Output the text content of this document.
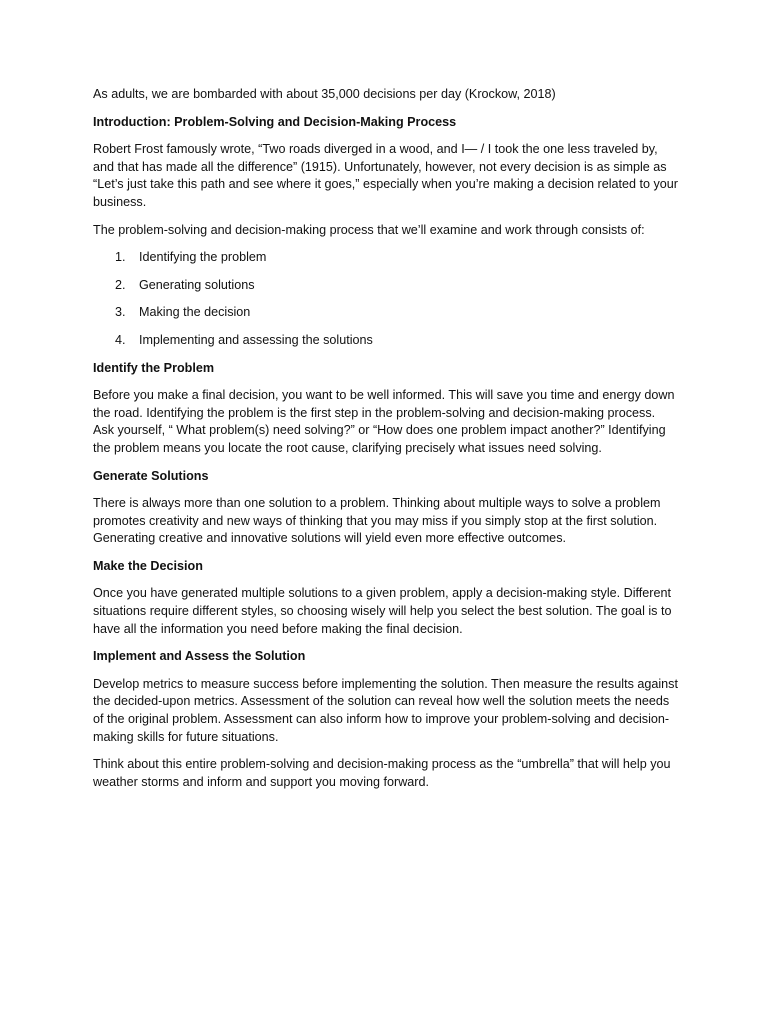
As adults, we are bombarded with about 35,000 decisions per day (Krockow, 2018)

Introduction: Problem-Solving and Decision-Making Process

Robert Frost famously wrote, “Two roads diverged in a wood, and I— / I took the one less traveled by, and that has made all the difference” (1915). Unfortunately, however, not every decision is as simple as “Let’s just take this path and see where it goes,” especially when you’re making a decision related to your business.

The problem-solving and decision-making process that we’ll examine and work through consists of:

1. Identifying the problem
2. Generating solutions
3. Making the decision
4. Implementing and assessing the solutions

Identify the Problem

Before you make a final decision, you want to be well informed. This will save you time and energy down the road. Identifying the problem is the first step in the problem-solving and decision-making process. Ask yourself, “ What problem(s) need solving?” or “How does one problem impact another?” Identifying the problem means you locate the root cause, clarifying precisely what issues need solving.

Generate Solutions

There is always more than one solution to a problem. Thinking about multiple ways to solve a problem promotes creativity and new ways of thinking that you may miss if you simply stop at the first solution. Generating creative and innovative solutions will yield even more effective outcomes.

Make the Decision

Once you have generated multiple solutions to a given problem, apply a decision-making style. Different situations require different styles, so choosing wisely will help you select the best solution. The goal is to have all the information you need before making the final decision.

Implement and Assess the Solution

Develop metrics to measure success before implementing the solution. Then measure the results against the decided-upon metrics. Assessment of the solution can reveal how well the solution meets the needs of the original problem. Assessment can also inform how to improve your problem-solving and decision-making skills for future situations.

Think about this entire problem-solving and decision-making process as the “umbrella” that will help you weather storms and inform and support you moving forward.
